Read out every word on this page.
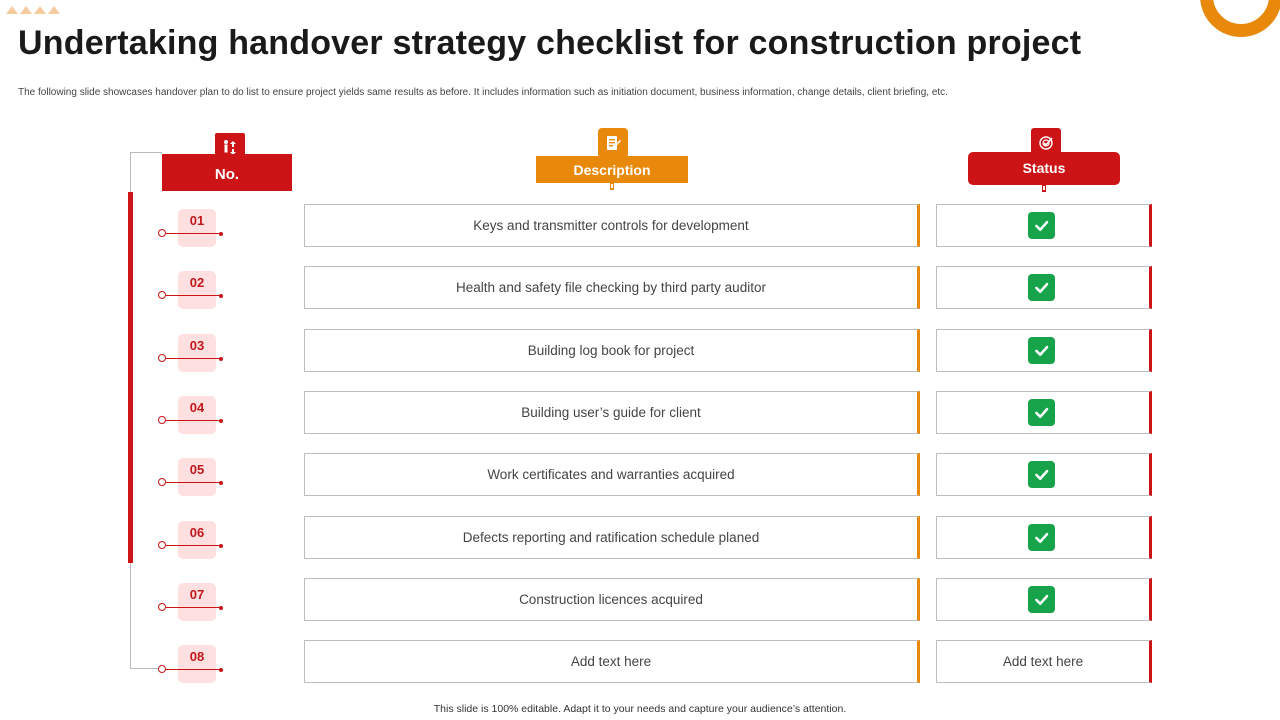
Undertaking handover strategy checklist for construction project
The following slide showcases handover plan to do list to ensure project yields same results as before. It includes information such as initiation document, business information, change details, client briefing, etc.
No.	Description	Status
01	Keys and transmitter controls for development
02	Health and safety file checking by third party auditor
03	Building log book for project
04	Building user’s guide for client
05	Work certificates and warranties acquired
06	Defects reporting and ratification schedule planed
07	Construction licences acquired
08	Add text here	Add text here
This slide is 100% editable. Adapt it to your needs and capture your audience’s attention.
